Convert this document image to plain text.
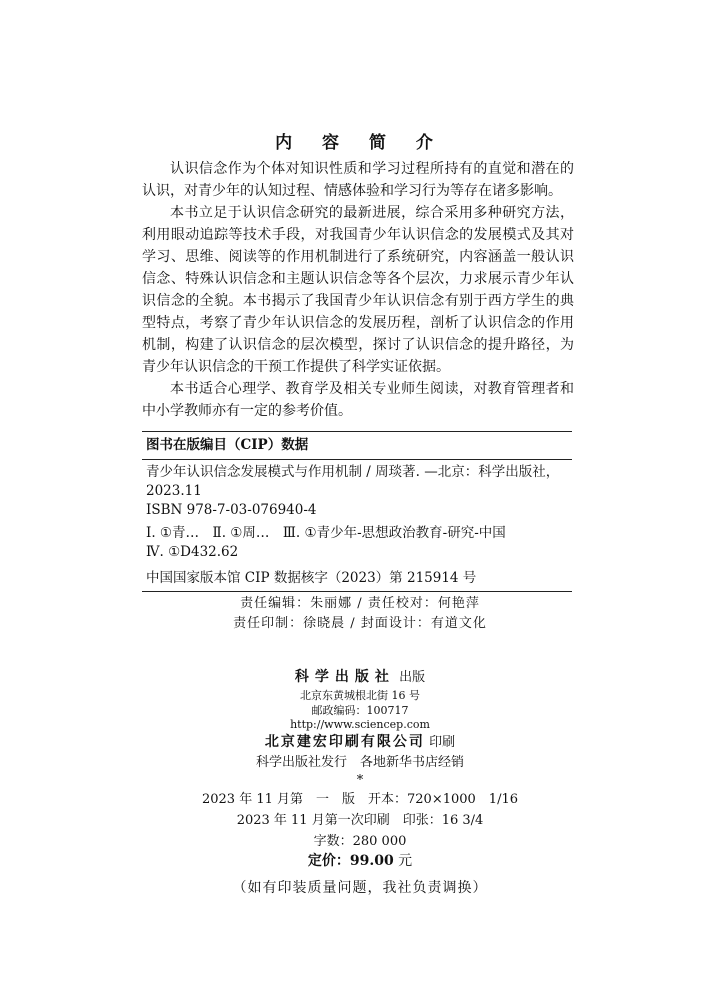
内 容 简 介

认识信念作为个体对知识性质和学习过程所持有的直觉和潜在的认识，对青少年的认知过程、情感体验和学习行为等存在诸多影响。

本书立足于认识信念研究的最新进展，综合采用多种研究方法，利用眼动追踪等技术手段，对我国青少年认识信念的发展模式及其对学习、思维、阅读等的作用机制进行了系统研究，内容涵盖一般认识信念、特殊认识信念和主题认识信念等各个层次，力求展示青少年认识信念的全貌。本书揭示了我国青少年认识信念有别于西方学生的典型特点，考察了青少年认识信念的发展历程，剖析了认识信念的作用机制，构建了认识信念的层次模型，探讨了认识信念的提升路径，为青少年认识信念的干预工作提供了科学实证依据。

本书适合心理学、教育学及相关专业师生阅读，对教育管理者和中小学教师亦有一定的参考价值。

图书在版编目（CIP）数据

青少年认识信念发展模式与作用机制 / 周琰著. —北京：科学出版社，2023.11

ISBN 978-7-03-076940-4

Ⅰ. ①青…　Ⅱ. ①周…　Ⅲ. ①青少年-思想政治教育-研究-中国

Ⅳ. ①D432.62

中国国家版本馆 CIP 数据核字（2023）第 215914 号

责任编辑：朱丽娜 / 责任校对：何艳萍
责任印制：徐晓晨 / 封面设计：有道文化
科学出版社 出版
北京东黄城根北街 16 号
邮政编码：100717
http://www.sciencep.com
北京建宏印刷有限公司 印刷
科学出版社发行　各地新华书店经销
*
2023 年 11 月第　一　版　开本：720×1000　1/16
2023 年 11 月第一次印刷　印张：16 3/4
字数：280 000
定价：99.00 元
（如有印装质量问题，我社负责调换）
